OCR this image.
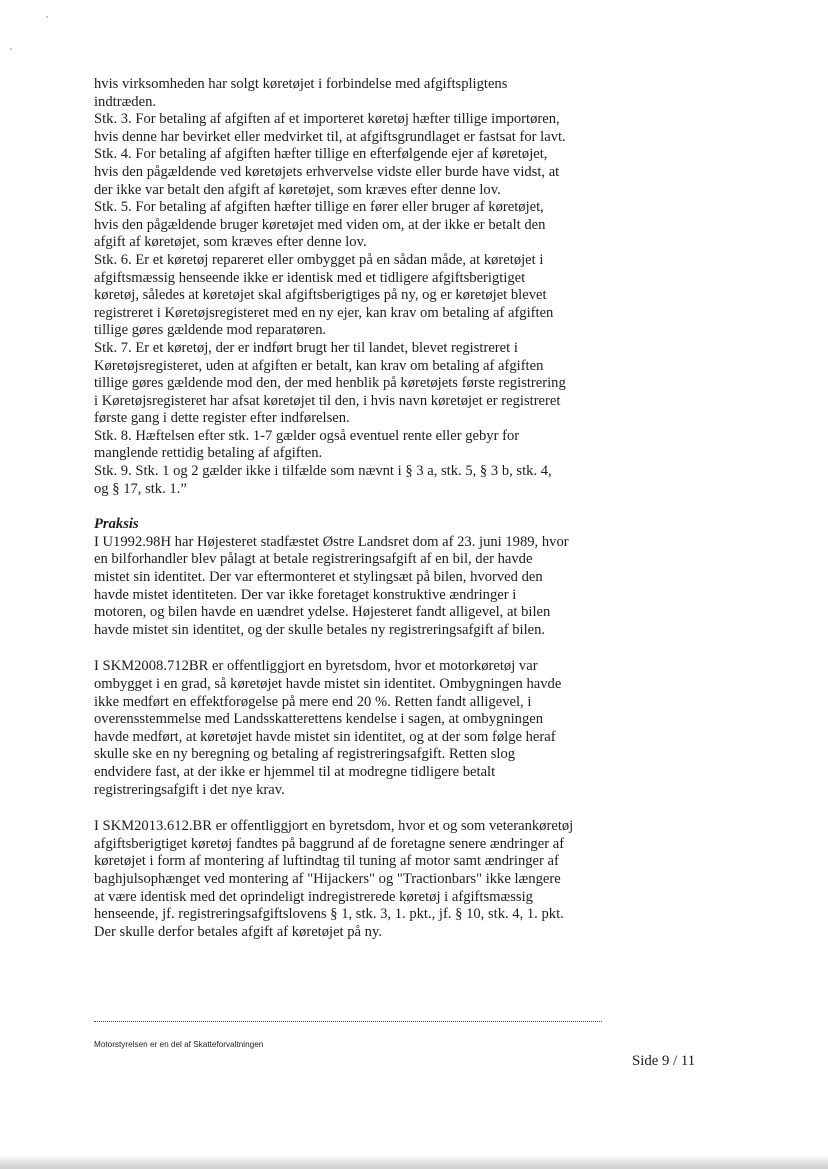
hvis virksomheden har solgt køretøjet i forbindelse med afgiftspligtens
indtræden.

Stk. 3. For betaling af afgiften af et importeret køretøj hæfter tillige importøren,
hvis denne har bevirket eller medvirket til, at afgiftsgrundlaget er fastsat for lavt.

Stk. 4. For betaling af afgiften hæfter tillige en efterfølgende ejer af køretøjet,
hvis den pågældende ved køretøjets erhvervelse vidste eller burde have vidst, at
der ikke var betalt den afgift af køretøjet, som kræves efter denne lov.

Stk. 5. For betaling af afgiften hæfter tillige en fører eller bruger af køretøjet,
hvis den pågældende bruger køretøjet med viden om, at der ikke er betalt den
afgift af køretøjet, som kræves efter denne lov.

Stk. 6. Er et køretøj repareret eller ombygget på en sådan måde, at køretøjet i
afgiftsmæssig henseende ikke er identisk med et tidligere afgiftsberigtiget
køretøj, således at køretøjet skal afgiftsberigtiges på ny, og er køretøjet blevet
registreret i Køretøjsregisteret med en ny ejer, kan krav om betaling af afgiften
tillige gøres gældende mod reparatøren.

Stk. 7. Er et køretøj, der er indført brugt her til landet, blevet registreret i
Køretøjsregisteret, uden at afgiften er betalt, kan krav om betaling af afgiften
tillige gøres gældende mod den, der med henblik på køretøjets første registrering
i Køretøjsregisteret har afsat køretøjet til den, i hvis navn køretøjet er registreret
første gang i dette register efter indførelsen.

Stk. 8. Hæftelsen efter stk. 1-7 gælder også eventuel rente eller gebyr for
manglende rettidig betaling af afgiften.

Stk. 9. Stk. 1 og 2 gælder ikke i tilfælde som nævnt i § 3 a, stk. 5, § 3 b, stk. 4,
og § 17, stk. 1.”

Praksis

I U1992.98H har Højesteret stadfæstet Østre Landsret dom af 23. juni 1989, hvor
en bilforhandler blev pålagt at betale registreringsafgift af en bil, der havde
mistet sin identitet. Der var eftermonteret et stylingsæt på bilen, hvorved den
havde mistet identiteten. Der var ikke foretaget konstruktive ændringer i
motoren, og bilen havde en uændret ydelse. Højesteret fandt alligevel, at bilen
havde mistet sin identitet, og der skulle betales ny registreringsafgift af bilen.

I SKM2008.712BR er offentliggjort en byretsdom, hvor et motorkøretøj var
ombygget i en grad, så køretøjet havde mistet sin identitet. Ombygningen havde
ikke medført en effektforøgelse på mere end 20 %. Retten fandt alligevel, i
overensstemmelse med Landsskatterettens kendelse i sagen, at ombygningen
havde medført, at køretøjet havde mistet sin identitet, og at der som følge heraf
skulle ske en ny beregning og betaling af registreringsafgift. Retten slog
endvidere fast, at der ikke er hjemmel til at modregne tidligere betalt
registreringsafgift i det nye krav.

I SKM2013.612.BR er offentliggjort en byretsdom, hvor et og som veterankøretøj
afgiftsberigtiget køretøj fandtes på baggrund af de foretagne senere ændringer af
køretøjet i form af montering af luftindtag til tuning af motor samt ændringer af
baghjulsophænget ved montering af "Hijackers" og "Tractionbars" ikke længere
at være identisk med det oprindeligt indregistrerede køretøj i afgiftsmæssig
henseende, jf. registreringsafgiftslovens § 1, stk. 3, 1. pkt., jf. § 10, stk. 4, 1. pkt.
Der skulle derfor betales afgift af køretøjet på ny.

Motorstyrelsen er en del af Skatteforvaltningen
Side 9 / 11
